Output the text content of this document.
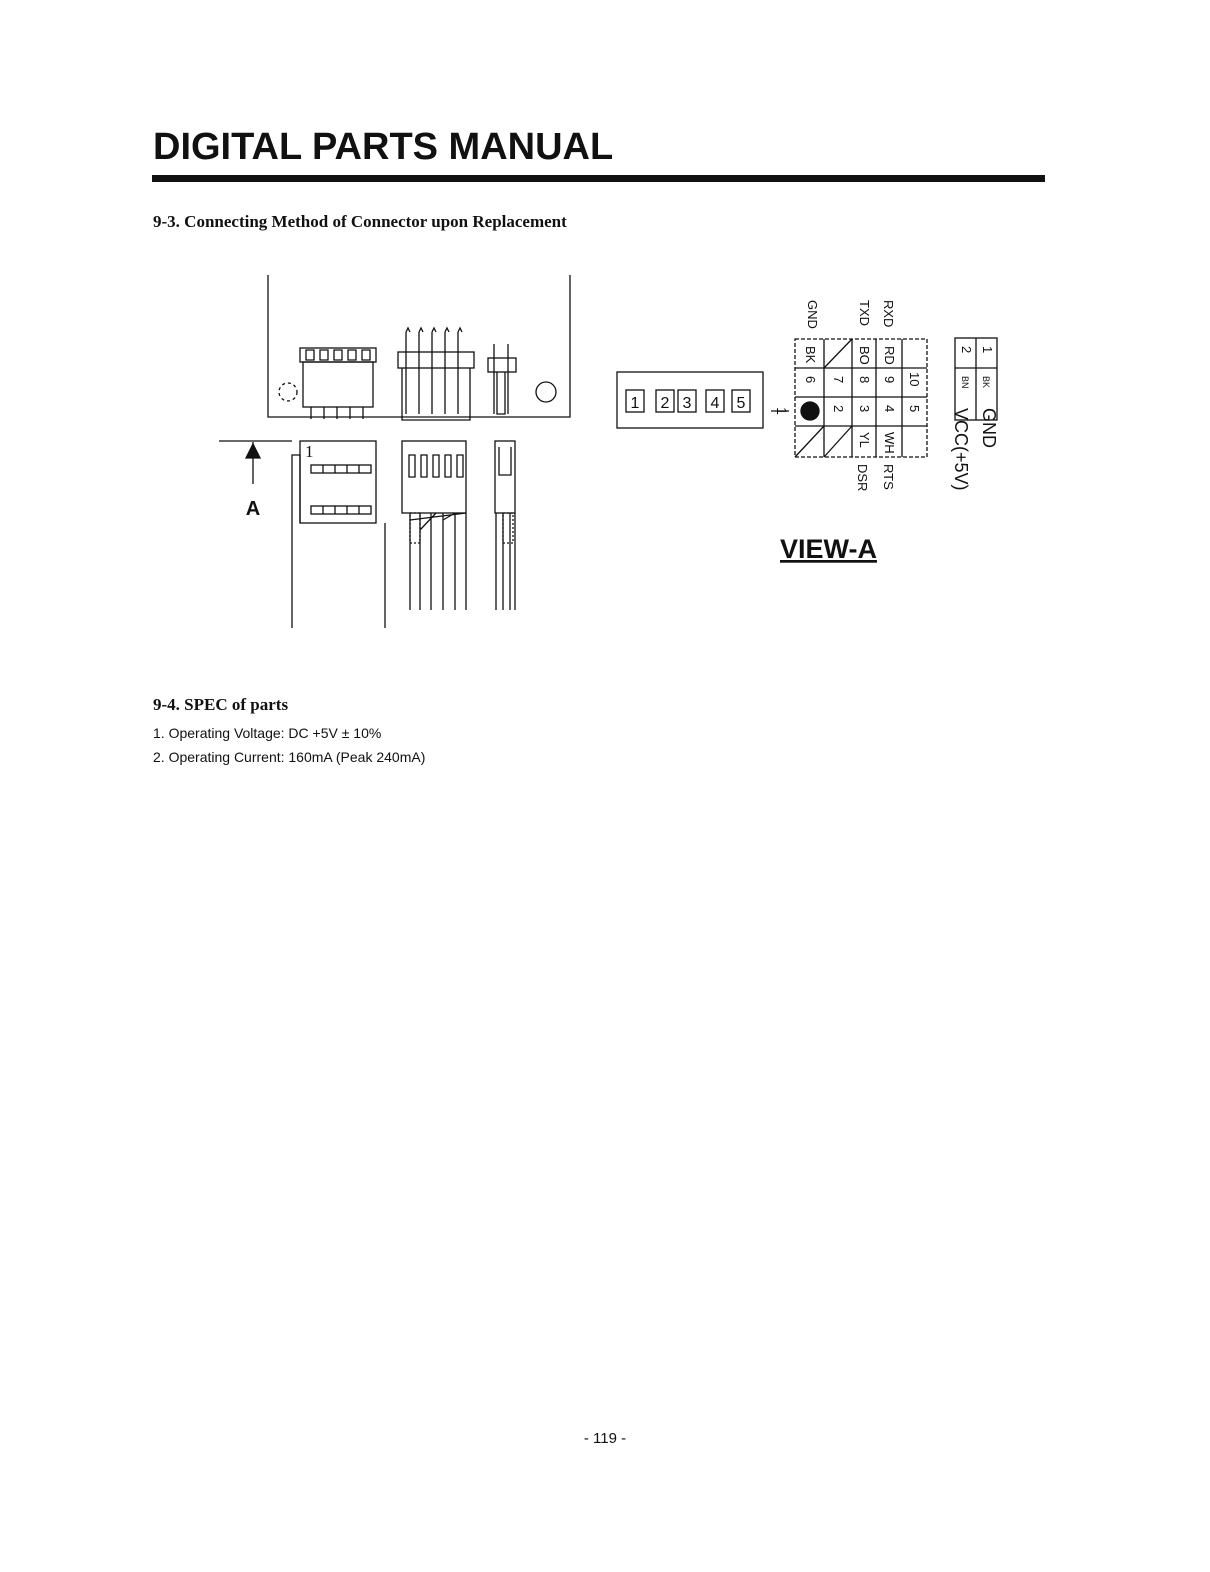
DIGITAL PARTS MANUAL
9-3. Connecting Method of Connector upon Replacement
A
1
1 2 3 4 5
VIEW-A
1
GND	TXD RXD
DSR RTS
BK	BO RD
6 7 8 9 10
2 3 4 5
YL WH
1
2
BK
BN
GND
VCC(+5V)
9-4. SPEC of parts
1. Operating Voltage: DC +5V ± 10%
2. Operating Current: 160mA (Peak 240mA)
- 119 -
